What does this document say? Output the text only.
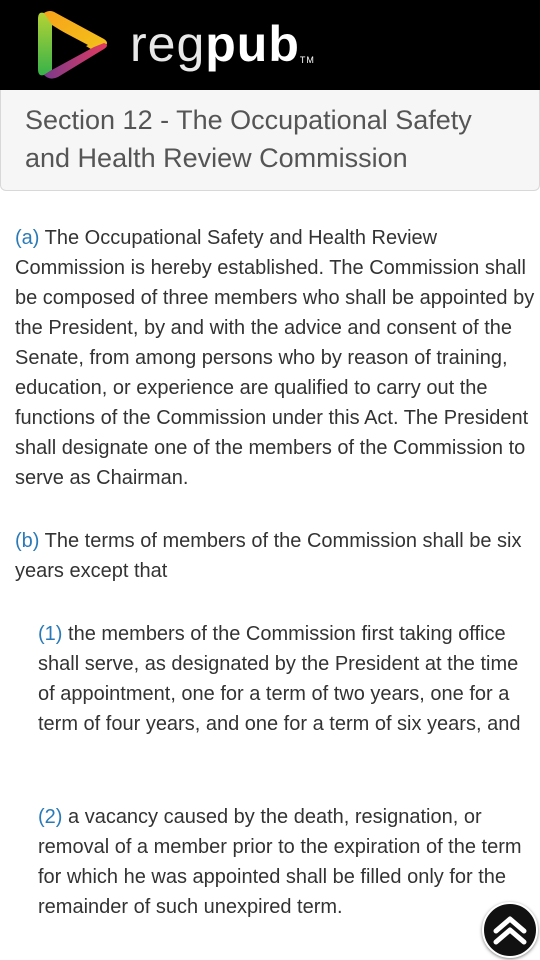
regpubTM
Section 12 - The Occupational Safety and Health Review Commission

(a) The Occupational Safety and Health Review Commission is hereby established. The Commission shall be composed of three members who shall be appointed by the President, by and with the advice and consent of the Senate, from among persons who by reason of training, education, or experience are qualified to carry out the functions of the Commission under this Act. The President shall designate one of the members of the Commission to serve as Chairman.

(b) The terms of members of the Commission shall be six years except that

(1) the members of the Commission first taking office shall serve, as designated by the President at the time of appointment, one for a term of two years, one for a term of four years, and one for a term of six years, and

(2) a vacancy caused by the death, resignation, or removal of a member prior to the expiration of the term for which he was appointed shall be filled only for the remainder of such unexpired term.
